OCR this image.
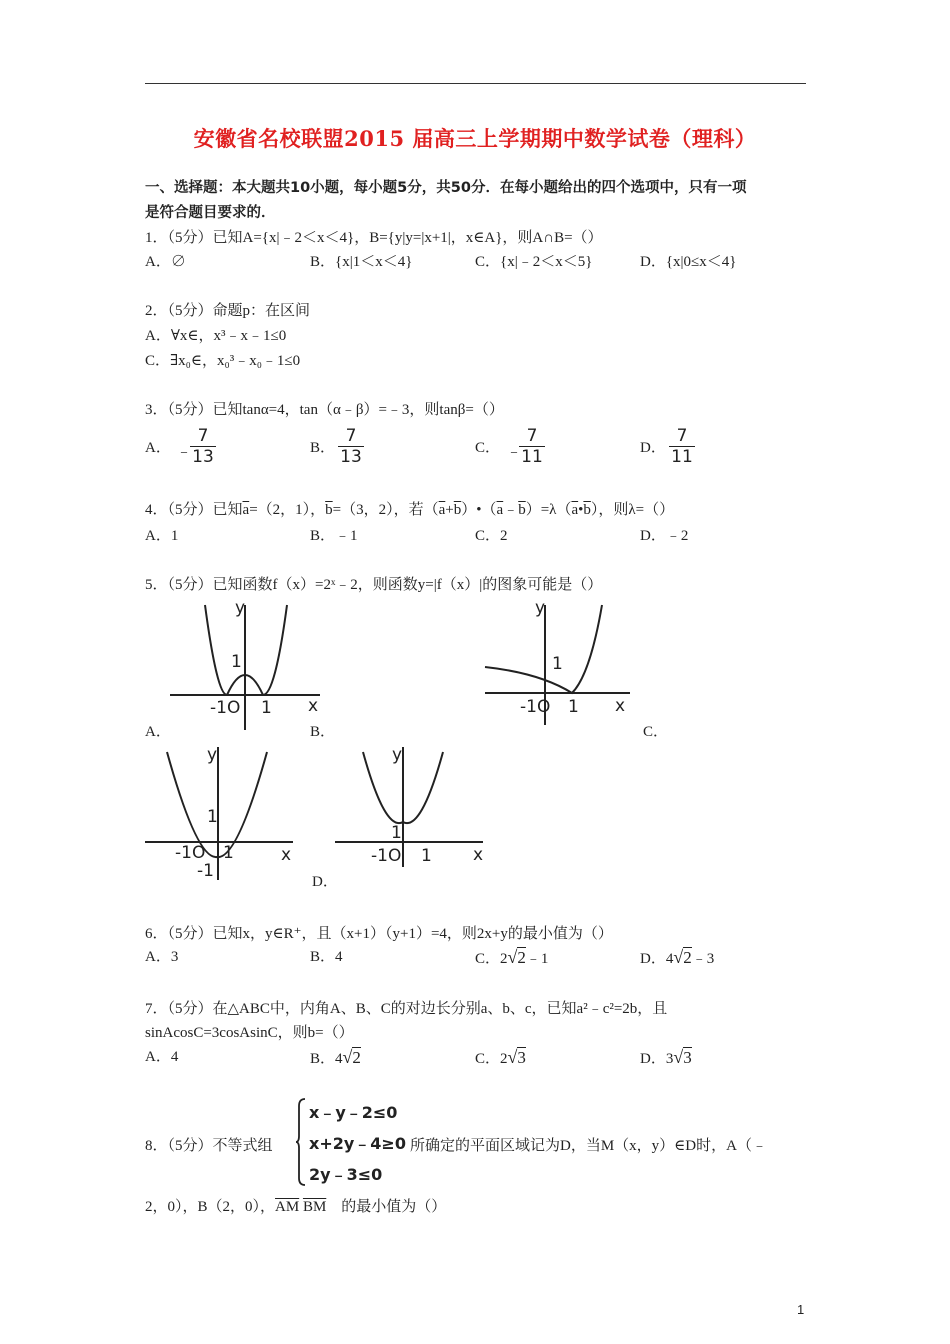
安徽省名校联盟2015 届高三上学期期中数学试卷（理科）
一、选择题：本大题共10小题，每小题5分，共50分．在每小题给出的四个选项中，只有一项
是符合题目要求的．
1．（5分）已知A={x|﹣2＜x＜4}，B={y|y=|x+1|，x∈A}，则A∩B=（）
A．∅	B．{x|1＜x＜4}	C．{x|﹣2＜x＜5}	D．{x|0≤x＜4}
2．（5分）命题p：在区间
A．∀x∈，x³﹣x﹣1≤0
C．∃x₀∈，x₀³﹣x₀﹣1≤0
3．（5分）已知tanα=4，tan（α﹣β）=﹣3，则tanβ=（）
A． ﹣
$\frac{7}{13}$	B． $\frac{7}{13}$	C． ﹣
$\frac{7}{11}$	D． $\frac{7}{11}$
4．（5分）已知$\overline{a}=(2$，1），$\overline{b}=(3$，2），若$(\overline{a}+\overline{b})•(\overline{a}﹣\overline{b})=\lambda(\overline{a}•\overline{b})$，则λ=（）
A．1	B．﹣1	C．2	D．﹣2
5．（5分）已知函数f（x）=2ˣ﹣2，则函数y=|f（x）|的图象可能是（）
y
x
1
-1O 1
A．
y
x
1
-1O 1
B．	C．
y
x
1
-1O 1
-1
y
x
1
-1O 1
D．
6．（5分）已知x，y∈R⁺，且（x+1）（y+1）=4，则2x+y的最小值为（）
A．3	B．4	C．2√2﹣1	D．4√2﹣3
7．（5分）在△ABC中，内角A、B、C的对边长分别a、b、c，已知a²﹣c²=2b，且
sinAcosC=3cosAsinC，则b=（）
A．4	B．4√2	C．2√3	D．3√3
8．（5分）不等式组
x﹣y﹣2≤0
x+2y﹣4≥0
2y﹣3≤0
所确定的平面区域记为D，当M（x，y）∈D时，A（﹣
2，0），B（2，0），$\overline{AM}$ $\overline{BM}$ 的最小值为（）
1
